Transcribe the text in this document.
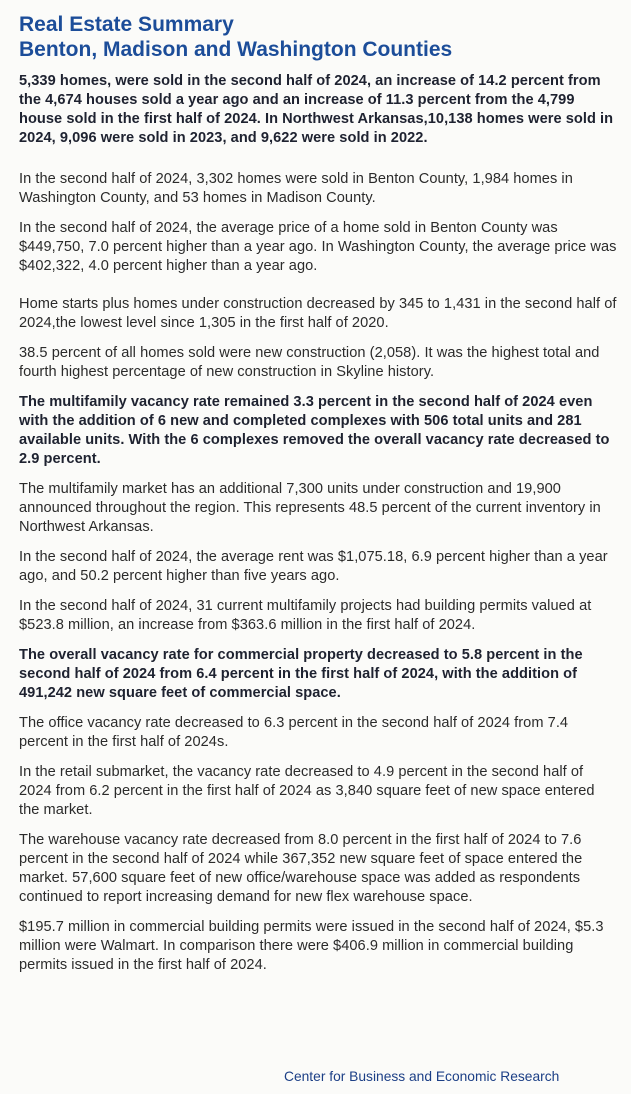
Real Estate Summary
Benton, Madison and Washington Counties

5,339 homes, were sold in the second half of 2024, an increase of 14.2 percent from the 4,674 houses sold a year ago and an increase of 11.3 percent from the 4,799 house sold in the first half of 2024. In Northwest Arkansas,10,138 homes were sold in 2024, 9,096 were sold in 2023, and 9,622 were sold in 2022.

In the second half of 2024, 3,302 homes were sold in Benton County, 1,984 homes in Washington County, and 53 homes in Madison County.

In the second half of 2024, the average price of a home sold in Benton County was $449,750, 7.0 percent higher than a year ago. In Washington County, the average price was $402,322, 4.0 percent higher than a year ago.

Home starts plus homes under construction decreased by 345 to 1,431 in the second half of 2024,the lowest level since 1,305 in the first half of 2020.

38.5 percent of all homes sold were new construction (2,058). It was the highest total and fourth highest percentage of new construction in Skyline history.

The multifamily vacancy rate remained 3.3 percent in the second half of 2024 even with the addition of 6 new and completed complexes with 506 total units and 281 available units. With the 6 complexes removed the overall vacancy rate decreased to 2.9 percent.

The multifamily market has an additional 7,300 units under construction and 19,900 announced throughout the region. This represents 48.5 percent of the current inventory in Northwest Arkansas.

In the second half of 2024, the average rent was $1,075.18, 6.9 percent higher than a year ago, and 50.2 percent higher than five years ago.

In the second half of 2024, 31 current multifamily projects had building permits valued at $523.8 million, an increase from $363.6 million in the first half of 2024.

The overall vacancy rate for commercial property decreased to 5.8 percent in the second half of 2024 from 6.4 percent in the first half of 2024, with the addition of 491,242 new square feet of commercial space.

The office vacancy rate decreased to 6.3 percent in the second half of 2024 from 7.4 percent in the first half of 2024s.

In the retail submarket, the vacancy rate decreased to 4.9 percent in the second half of 2024 from 6.2 percent in the first half of 2024 as 3,840 square feet of new space entered the market.

The warehouse vacancy rate decreased from 8.0 percent in the first half of 2024 to 7.6 percent in the second half of 2024 while 367,352 new square feet of space entered the market. 57,600 square feet of new office/warehouse space was added as respondents continued to report increasing demand for new flex warehouse space.

$195.7 million in commercial building permits were issued in the second half of 2024, $5.3 million were Walmart. In comparison there were $406.9 million in commercial building permits issued in the first half of 2024.

Center for Business and Economic Research
